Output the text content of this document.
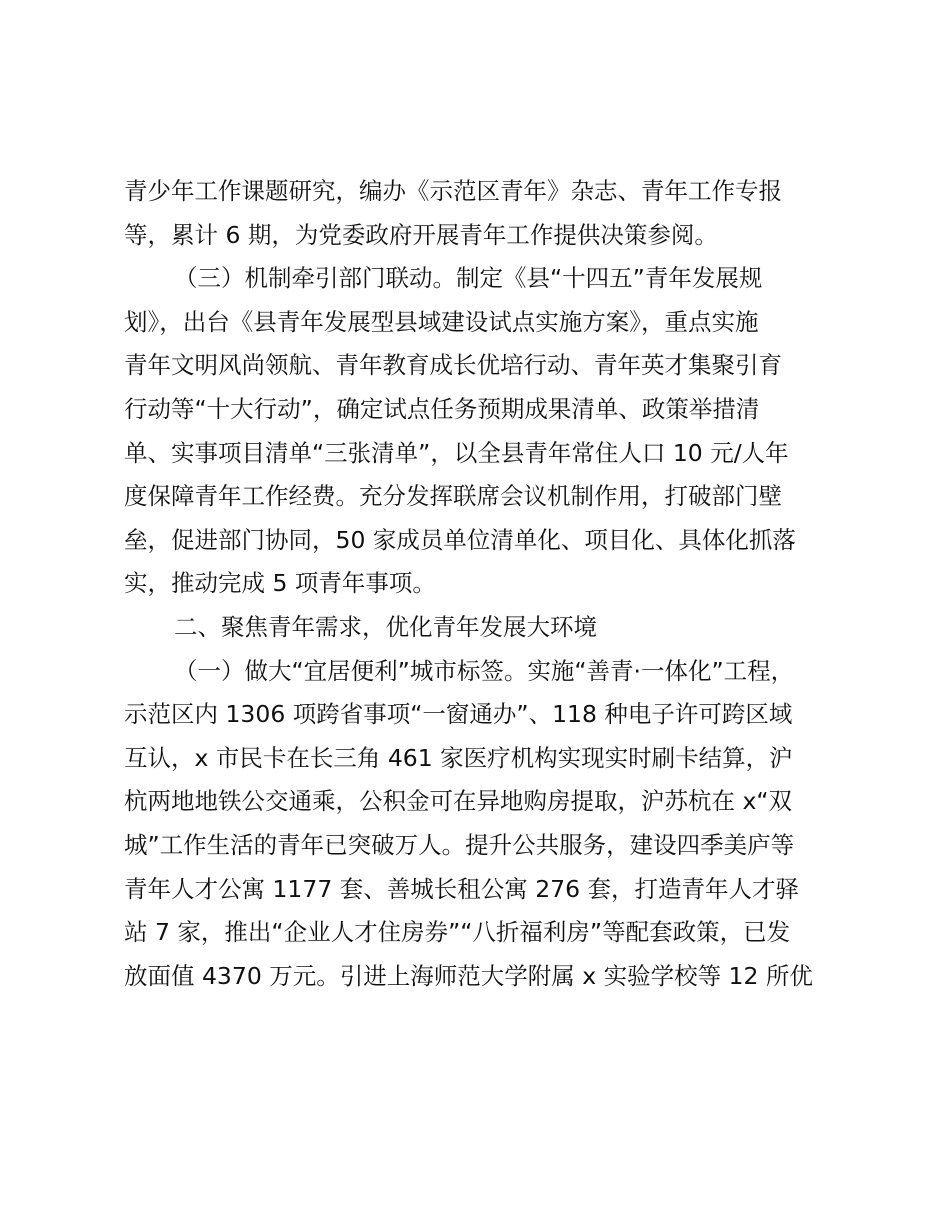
青少年工作课题研究，编办《示范区青年》杂志、青年工作专报
等，累计 6 期，为党委政府开展青年工作提供决策参阅。
（三）机制牵引部门联动。制定《县“十四五”青年发展规
划》，出台《县青年发展型县域建设试点实施方案》，重点实施
青年文明风尚领航、青年教育成长优培行动、青年英才集聚引育
行动等“十大行动”，确定试点任务预期成果清单、政策举措清
单、实事项目清单“三张清单”，以全县青年常住人口 10 元/人年
度保障青年工作经费。充分发挥联席会议机制作用，打破部门壁
垒，促进部门协同，50 家成员单位清单化、项目化、具体化抓落
实，推动完成 5 项青年事项。
二、聚焦青年需求，优化青年发展大环境
（一）做大“宜居便利”城市标签。实施“善青·一体化”工程，
示范区内 1306 项跨省事项“一窗通办”、118 种电子许可跨区域
互认，x 市民卡在长三角 461 家医疗机构实现实时刷卡结算，沪
杭两地地铁公交通乘，公积金可在异地购房提取，沪苏杭在 x“双
城”工作生活的青年已突破万人。提升公共服务，建设四季美庐等
青年人才公寓 1177 套、善城长租公寓 276 套，打造青年人才驿
站 7 家，推出“企业人才住房券”“八折福利房”等配套政策，已发
放面值 4370 万元。引进上海师范大学附属 x 实验学校等 12 所优
